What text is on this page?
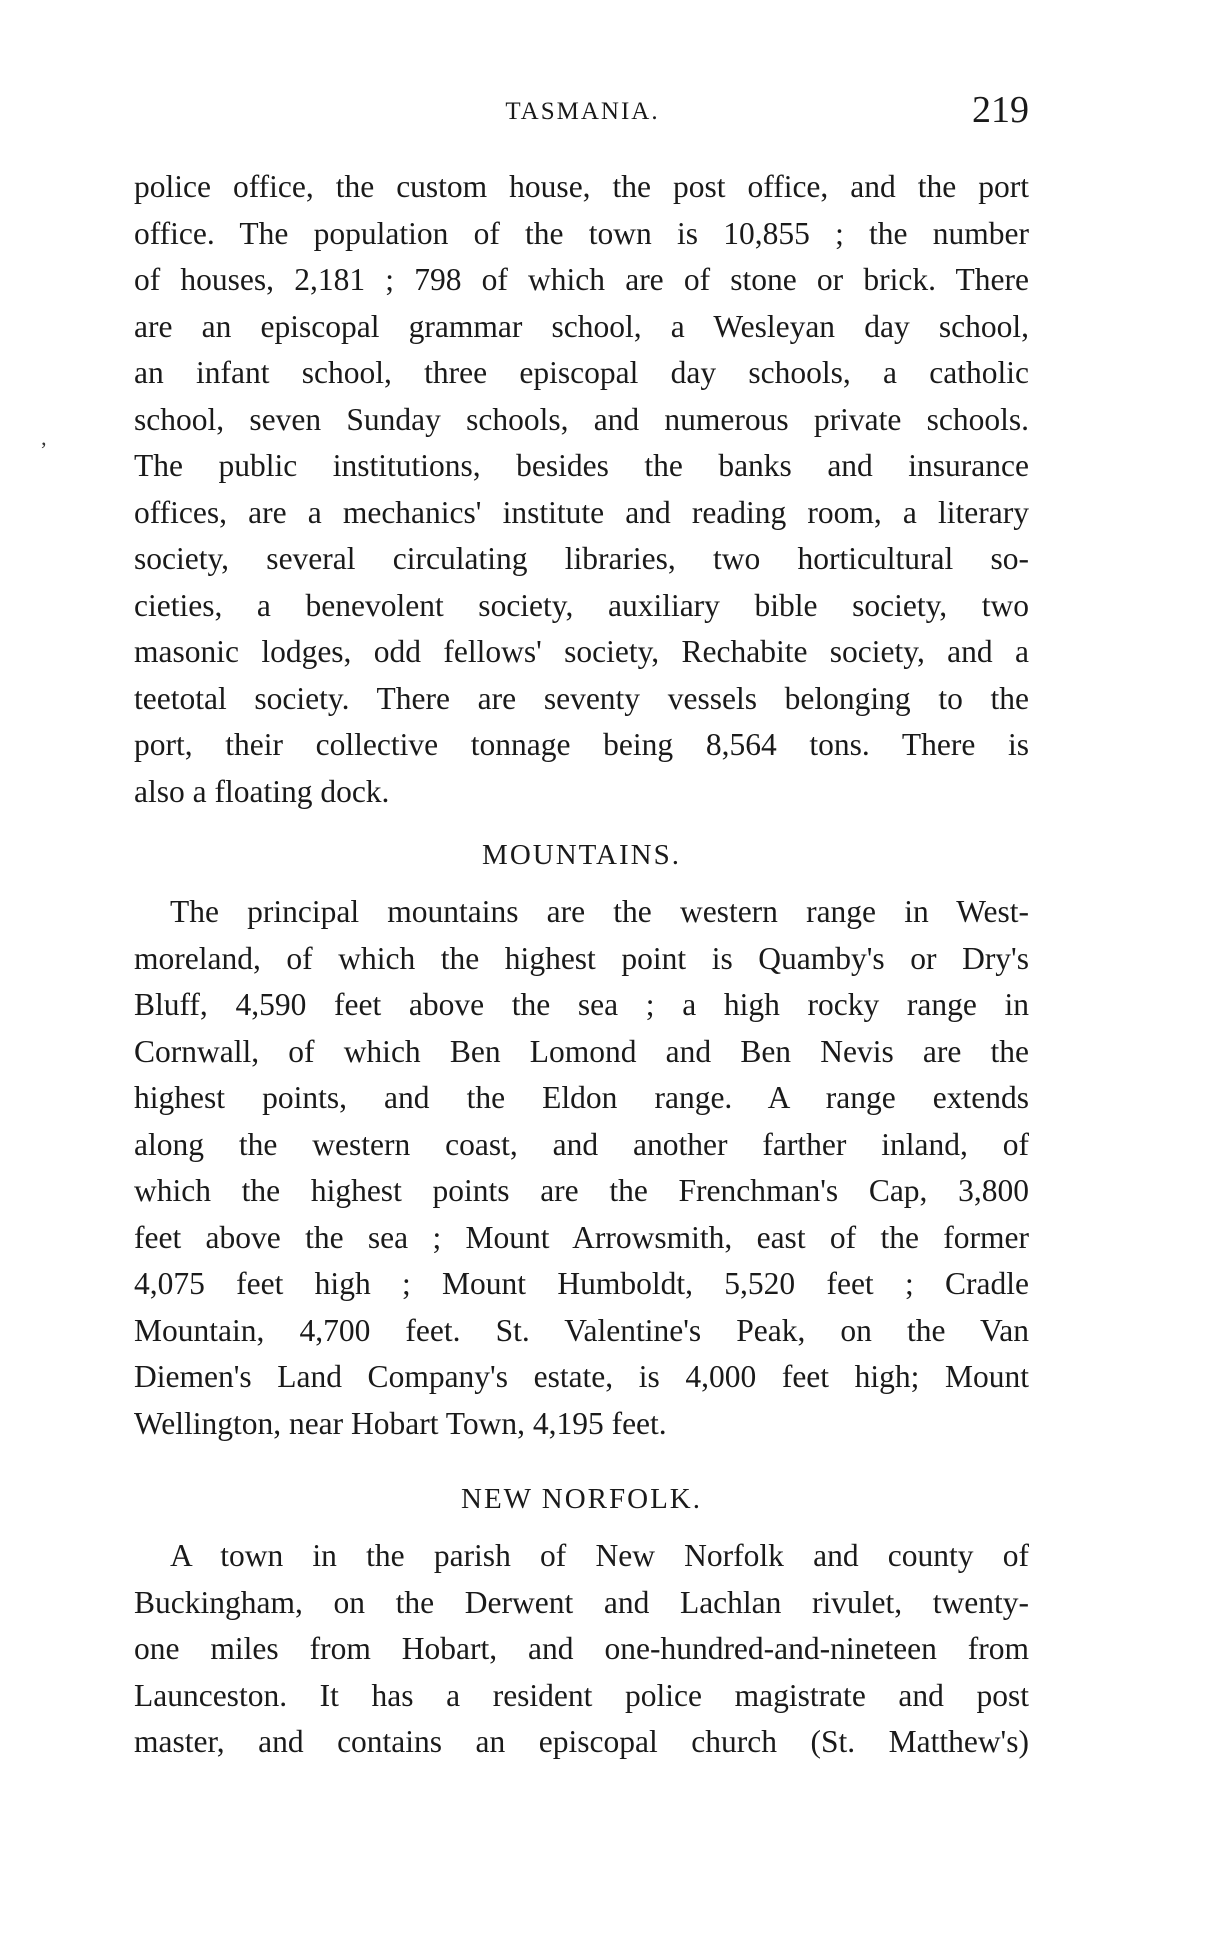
TASMANIA.	219
‚
police office, the custom house, the post office, and the port
office. The population of the town is 10,855 ; the number
of houses, 2,181 ; 798 of which are of stone or brick. There
are an episcopal grammar school, a Wesleyan day school,
an infant school, three episcopal day schools, a catholic
school, seven Sunday schools, and numerous private schools.
The public institutions, besides the banks and insurance
offices, are a mechanics' institute and reading room, a literary
society, several circulating libraries, two horticultural so-
cieties, a benevolent society, auxiliary bible society, two
masonic lodges, odd fellows' society, Rechabite society, and a
teetotal society. There are seventy vessels belonging to the
port, their collective tonnage being 8,564 tons. There is
also a floating dock.
MOUNTAINS.
The principal mountains are the western range in West-
moreland, of which the highest point is Quamby's or Dry's
Bluff, 4,590 feet above the sea ; a high rocky range in
Cornwall, of which Ben Lomond and Ben Nevis are the
highest points, and the Eldon range. A range extends
along the western coast, and another farther inland, of
which the highest points are the Frenchman's Cap, 3,800
feet above the sea ; Mount Arrowsmith, east of the former
4,075 feet high ; Mount Humboldt, 5,520 feet ; Cradle
Mountain, 4,700 feet. St. Valentine's Peak, on the Van
Diemen's Land Company's estate, is 4,000 feet high; Mount
Wellington, near Hobart Town, 4,195 feet.
NEW NORFOLK.
A town in the parish of New Norfolk and county of
Buckingham, on the Derwent and Lachlan rivulet, twenty-
one miles from Hobart, and one-hundred-and-nineteen from
Launceston. It has a resident police magistrate and post
master, and contains an episcopal church (St. Matthew's)
